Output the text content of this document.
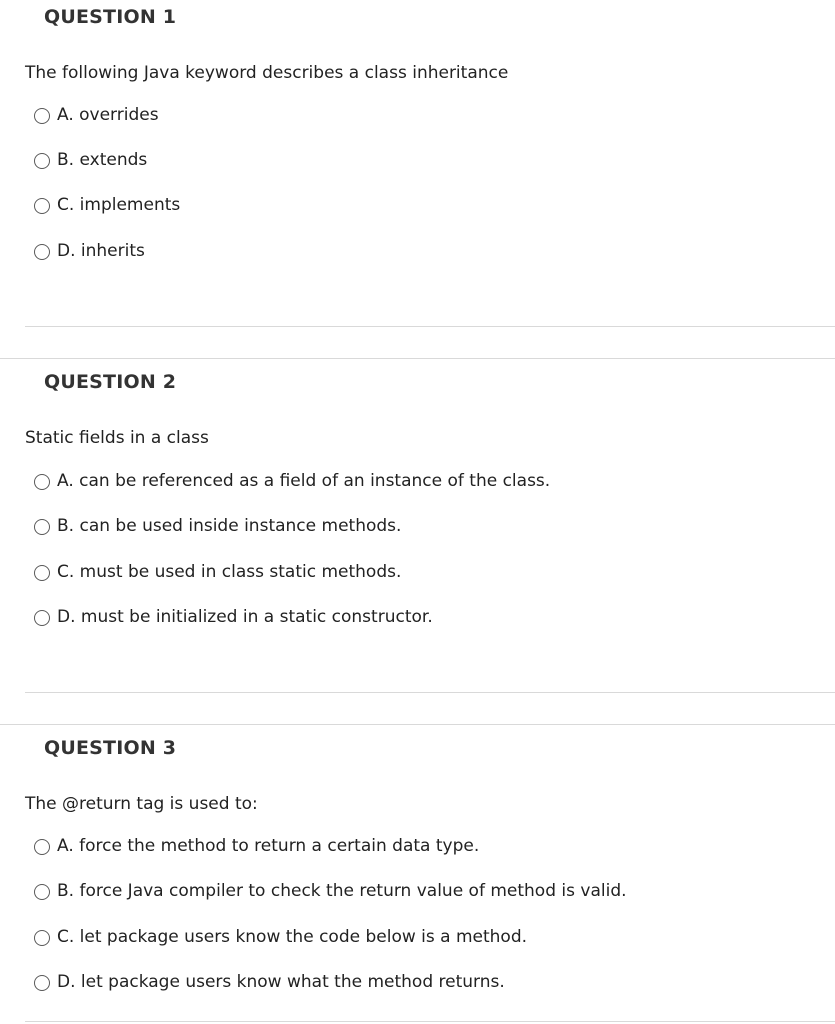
QUESTION 1
The following Java keyword describes a class inheritance
A. overrides
B. extends
C. implements
D. inherits
QUESTION 2
Static fields in a class
A. can be referenced as a field of an instance of the class.
B. can be used inside instance methods.
C. must be used in class static methods.
D. must be initialized in a static constructor.
QUESTION 3
The @return tag is used to:
A. force the method to return a certain data type.
B. force Java compiler to check the return value of method is valid.
C. let package users know the code below is a method.
D. let package users know what the method returns.
